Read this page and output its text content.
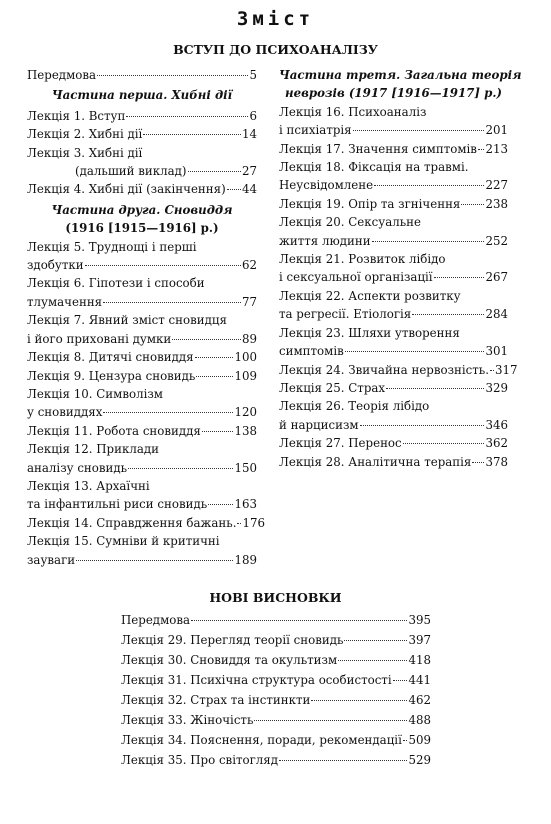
Зміст
ВСТУП ДО ПСИХОАНАЛІЗУ
Передмова	5
Частина перша. Хибні дії
Лекція 1. Вступ	6
Лекція 2. Хибні дії	14
Лекція 3. Хибні дії
(дальший виклад)	27
Лекція 4. Хибні дії (закінчення) 44
Частина друга. Сновиддя
(1916 [1915—1916] р.)
Лекція 5. Труднощі і перші
здобутки	62
Лекція 6. Гіпотези і способи
тлумачення	77
Лекція 7. Явний зміст сновидця
і його приховані думки	89
Лекція 8. Дитячі сновиддя	100
Лекція 9. Цензура сновидь	109
Лекція 10. Символізм
у сновиддях	120
Лекція 11. Робота сновиддя	138
Лекція 12. Приклади
аналізу сновидь	150
Лекція 13. Архаїчні
та інфантильні риси сновидь 163
Лекція 14. Справдження бажань. 176
Лекція 15. Сумніви й критичні
зауваги	189
Частина третя. Загальна теорія
неврозів (1917 [1916—1917] р.)
Лекція 16. Психоаналіз
і психіатрія	201
Лекція 17. Значення симптомів 213
Лекція 18. Фіксація на травмі.
Неусвідомлене	227
Лекція 19. Опір та згнічення 238
Лекція 20. Сексуальне
життя людини	252
Лекція 21. Розвиток лібідо
і сексуальної організації	267
Лекція 22. Аспекти розвитку
та регресії. Етіологія	284
Лекція 23. Шляхи утворення
симптомів	301
Лекція 24. Звичайна нервозність. 317
Лекція 25. Страх	329
Лекція 26. Теорія лібідо
й нарцисизм	346
Лекція 27. Перенос	362
Лекція 28. Аналітична терапія 378
НОВІ ВИСНОВКИ
Передмова	395
Лекція 29. Перегляд теорії сновидь	397
Лекція 30. Сновиддя та окультизм	418
Лекція 31. Психічна структура особистості 441
Лекція 32. Страх та інстинкти	462
Лекція 33. Жіночість	488
Лекція 34. Пояснення, поради, рекомендації 509
Лекція 35. Про світогляд	529
